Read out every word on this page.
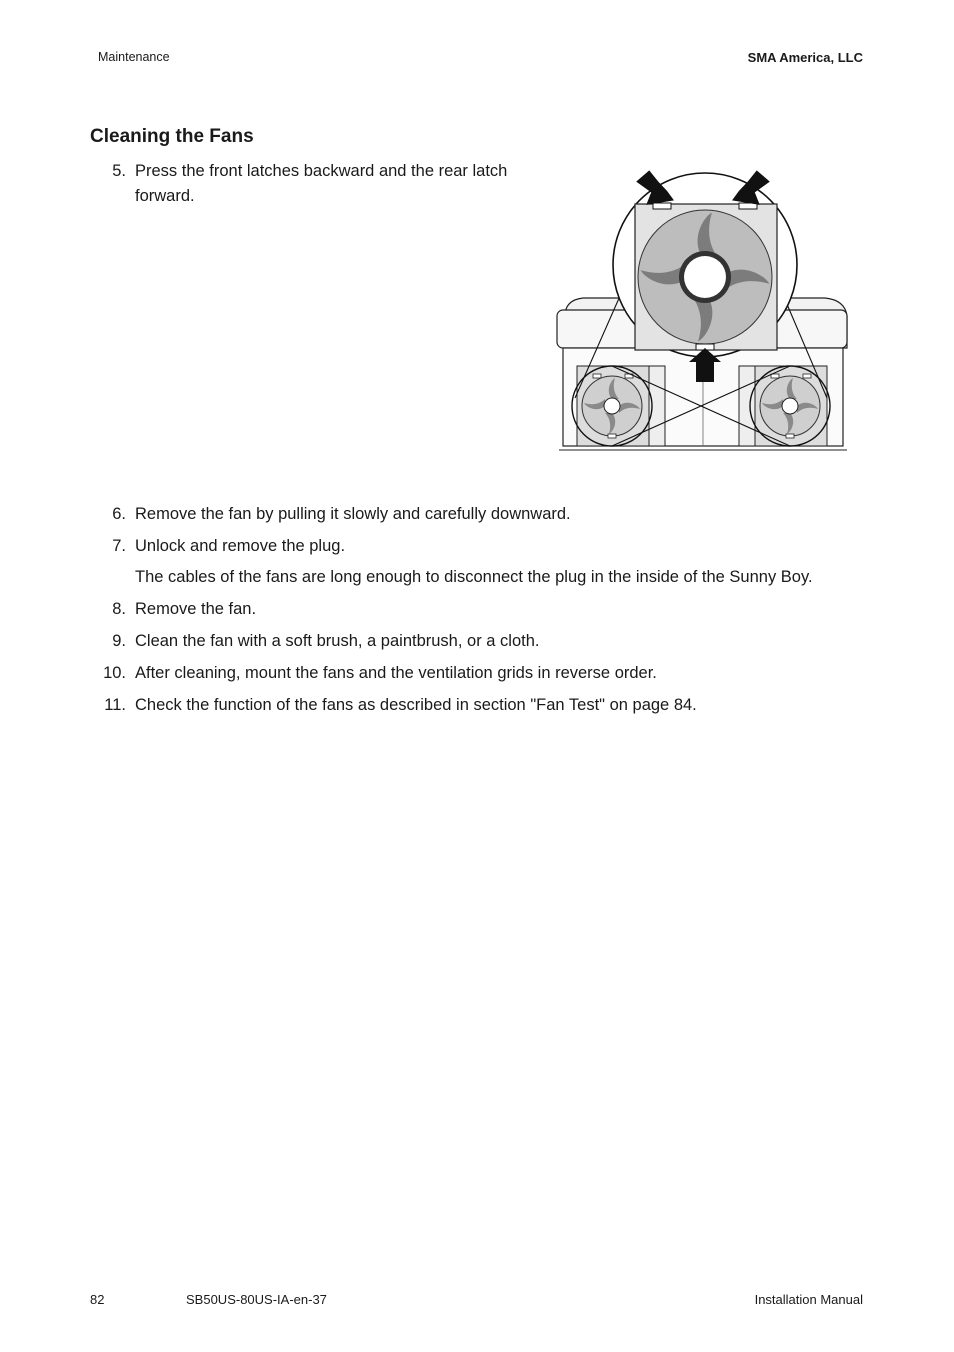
Maintenance	SMA America, LLC
Cleaning the Fans
5. Press the front latches backward and the rear latch
forward.
6. Remove the fan by pulling it slowly and carefully downward.
7. Unlock and remove the plug.
The cables of the fans are long enough to disconnect the plug in the inside of the Sunny Boy.
8. Remove the fan.
9. Clean the fan with a soft brush, a paintbrush, or a cloth.
10. After cleaning, mount the fans and the ventilation grids in reverse order.
11. Check the function of the fans as described in section "Fan Test" on page 84.
82	SB50US-80US-IA-en-37	Installation Manual
